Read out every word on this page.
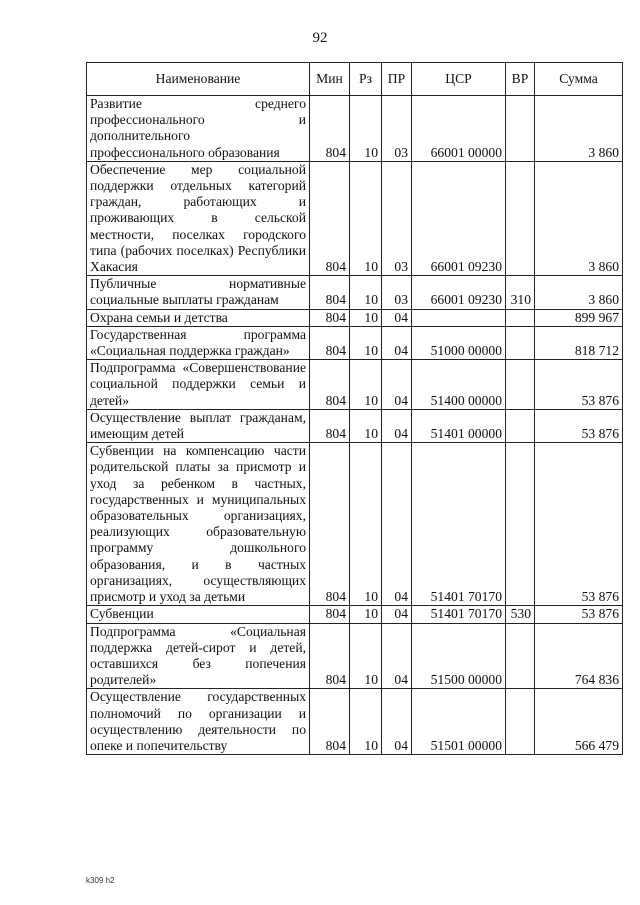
92
Наименование	Мин	Рз	ПР	ЦСР	ВР	Сумма
Развитие среднего профессионального и дополнительного профессионального образования	804	10	03	66001 00000		3 860
Обеспечение мер социальной поддержки отдельных категорий граждан, работающих и проживающих в сельской местности, поселках городского типа (рабочих поселках) Республики Хакасия	804	10	03	66001 09230		3 860
Публичные нормативные социальные выплаты гражданам	804	10	03	66001 09230	310	3 860
Охрана семьи и детства	804	10	04			899 967
Государственная программа «Социальная поддержка граждан»	804	10	04	51000 00000		818 712
Подпрограмма «Совершенствование социальной поддержки семьи и детей»	804	10	04	51400 00000		53 876
Осуществление выплат гражданам, имеющим детей	804	10	04	51401 00000		53 876
Субвенции на компенсацию части родительской платы за присмотр и уход за ребенком в частных, государственных и муниципальных образовательных организациях, реализующих образовательную программу дошкольного образования, и в частных организациях, осуществляющих присмотр и уход за детьми	804	10	04	51401 70170		53 876
Субвенции	804	10	04	51401 70170	530	53 876
Подпрограмма «Социальная поддержка детей-сирот и детей, оставшихся без попечения родителей»	804	10	04	51500 00000		764 836
Осуществление государственных полномочий по организации и осуществлению деятельности по опеке и попечительству	804	10	04	51501 00000		566 479
k309 h2
